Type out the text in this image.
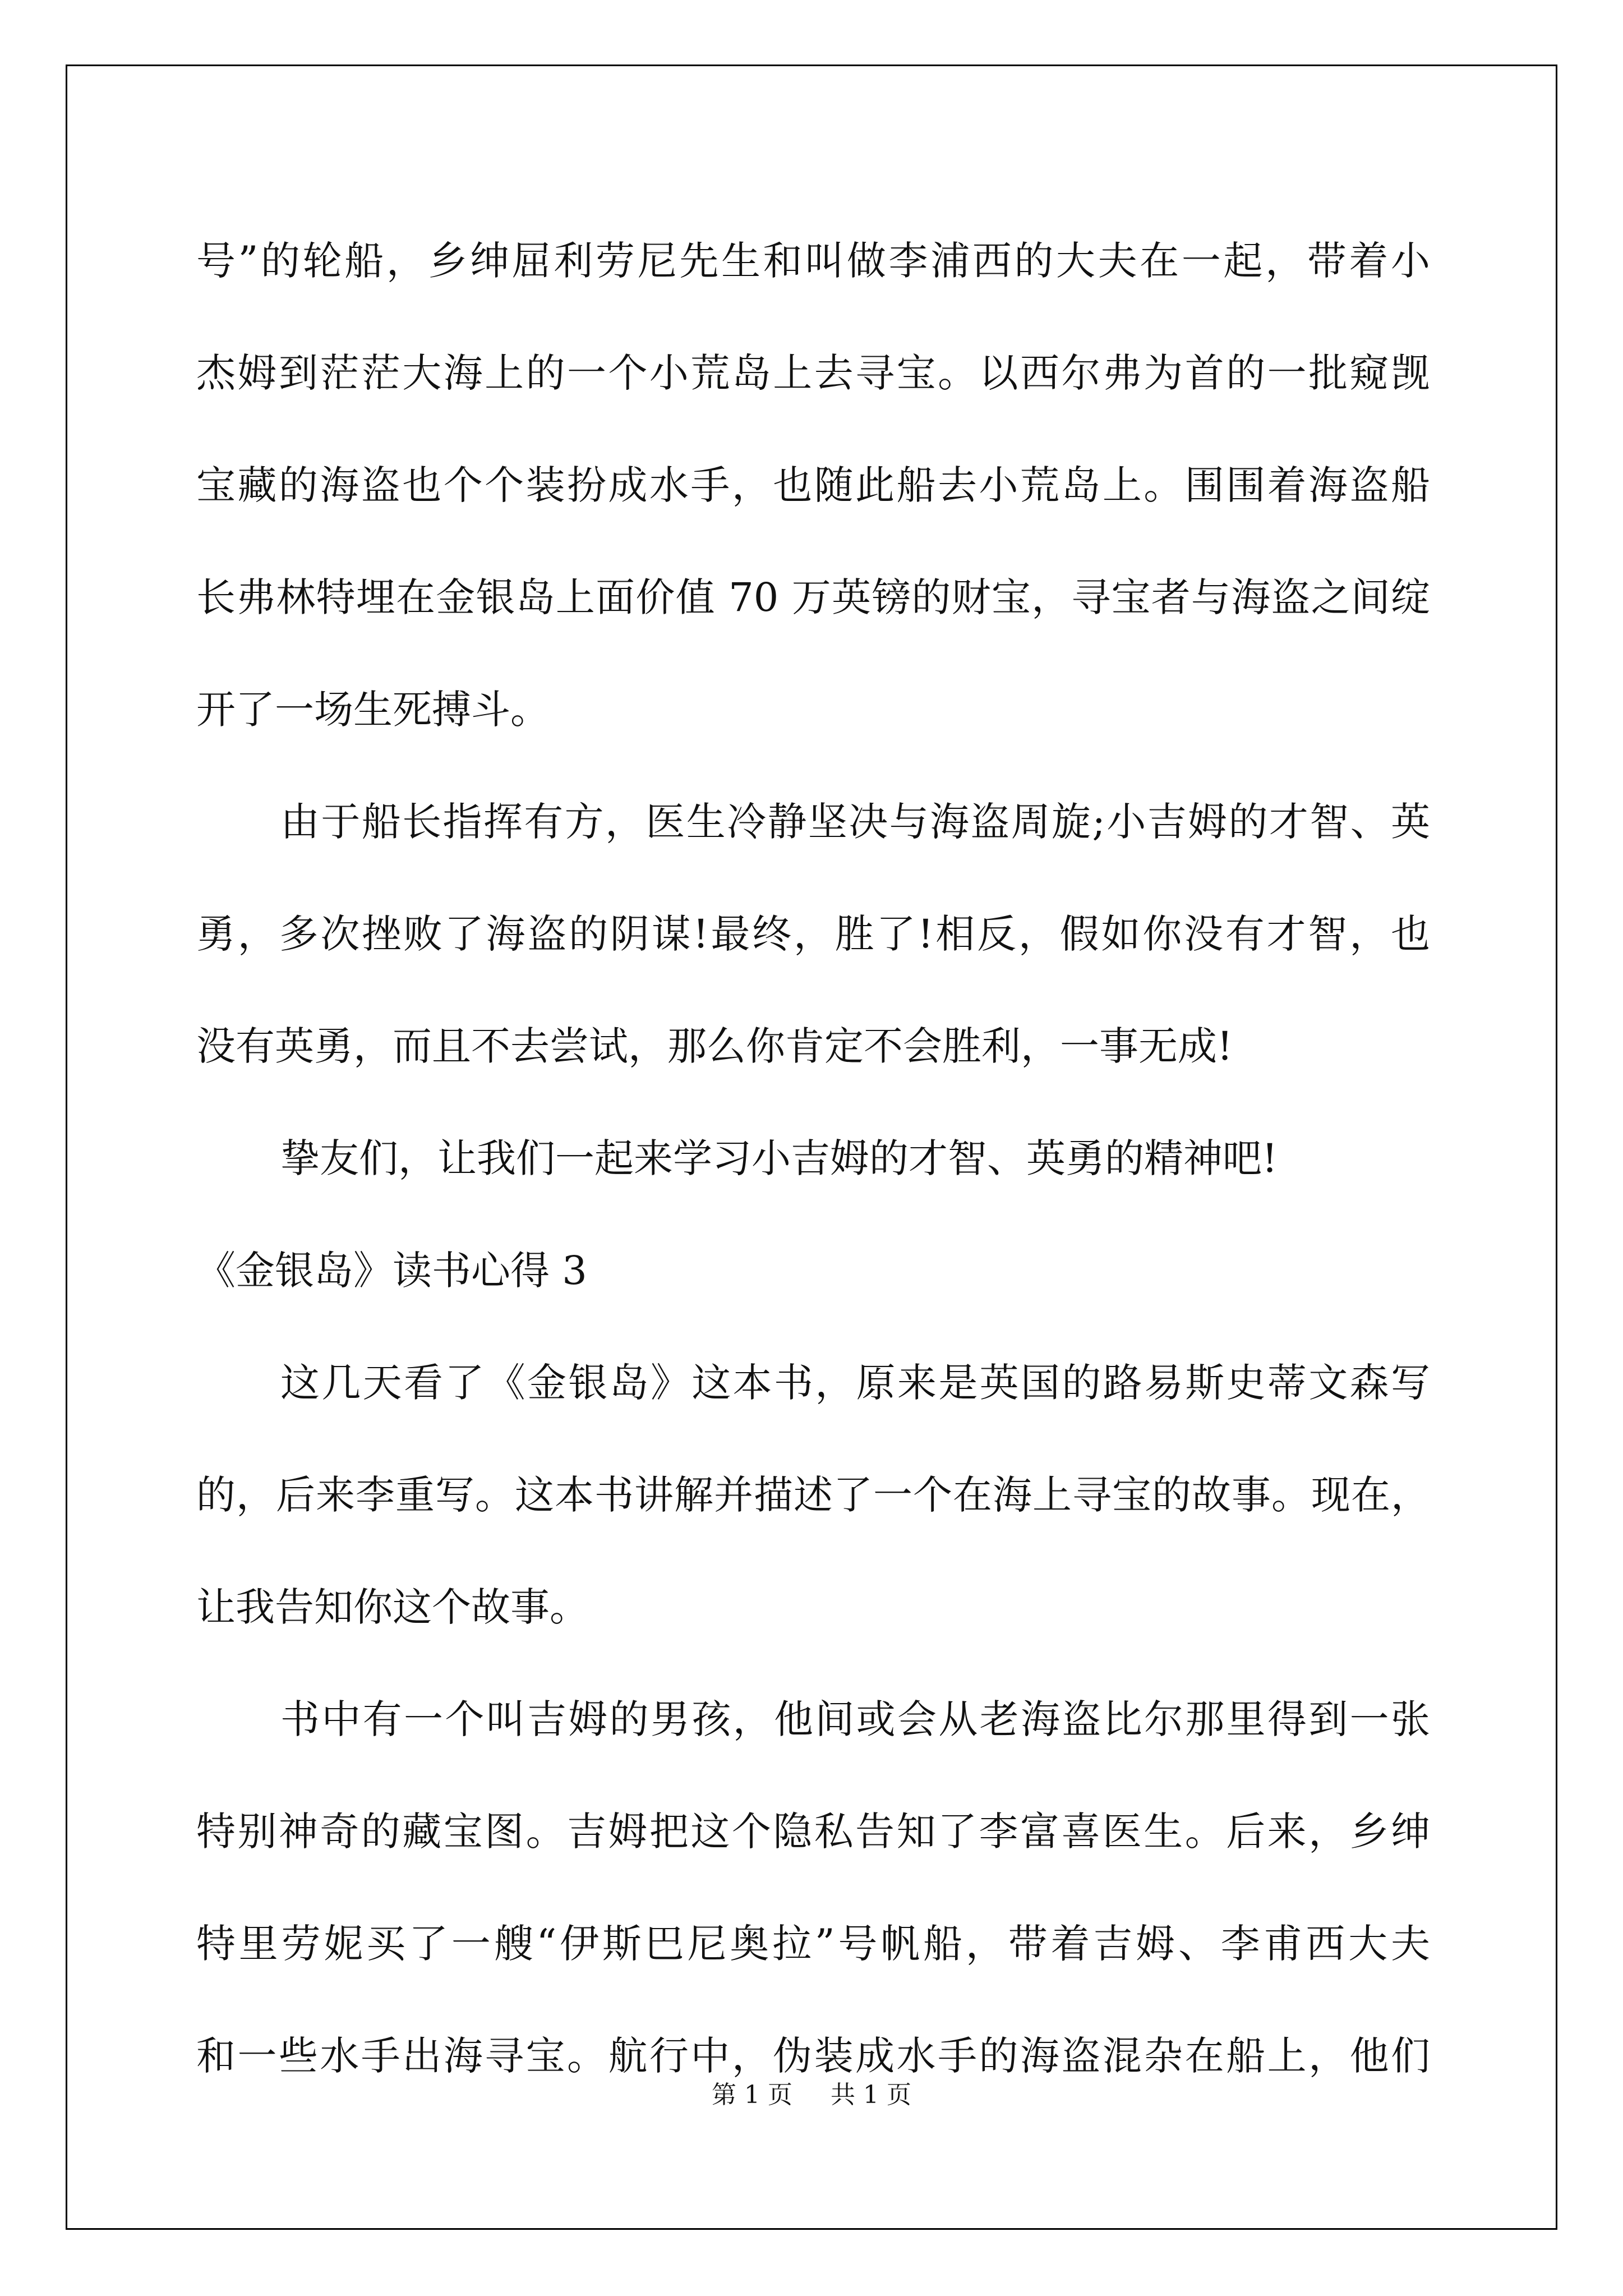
号”的轮船，乡绅屈利劳尼先生和叫做李浦西的大夫在一起，带着小
杰姆到茫茫大海上的一个小荒岛上去寻宝。以西尔弗为首的一批窥觊
宝藏的海盗也个个装扮成水手，也随此船去小荒岛上。围围着海盗船
长弗林特埋在金银岛上面价值 70 万英镑的财宝，寻宝者与海盗之间绽
开了一场生死搏斗。
由于船长指挥有方，医生冷静坚决与海盗周旋;小吉姆的才智、英
勇，多次挫败了海盗的阴谋!最终，胜了!相反，假如你没有才智，也
没有英勇，而且不去尝试，那么你肯定不会胜利，一事无成!
挚友们，让我们一起来学习小吉姆的才智、英勇的精神吧!
《金银岛》读书心得 3
这几天看了《金银岛》这本书，原来是英国的路易斯史蒂文森写
的，后来李重写。这本书讲解并描述了一个在海上寻宝的故事。现在，
让我告知你这个故事。
书中有一个叫吉姆的男孩，他间或会从老海盗比尔那里得到一张
特别神奇的藏宝图。吉姆把这个隐私告知了李富喜医生。后来，乡绅
特里劳妮买了一艘“伊斯巴尼奥拉”号帆船，带着吉姆、李甫西大夫
和一些水手出海寻宝。航行中，伪装成水手的海盗混杂在船上，他们
第 1 页 共 1 页
